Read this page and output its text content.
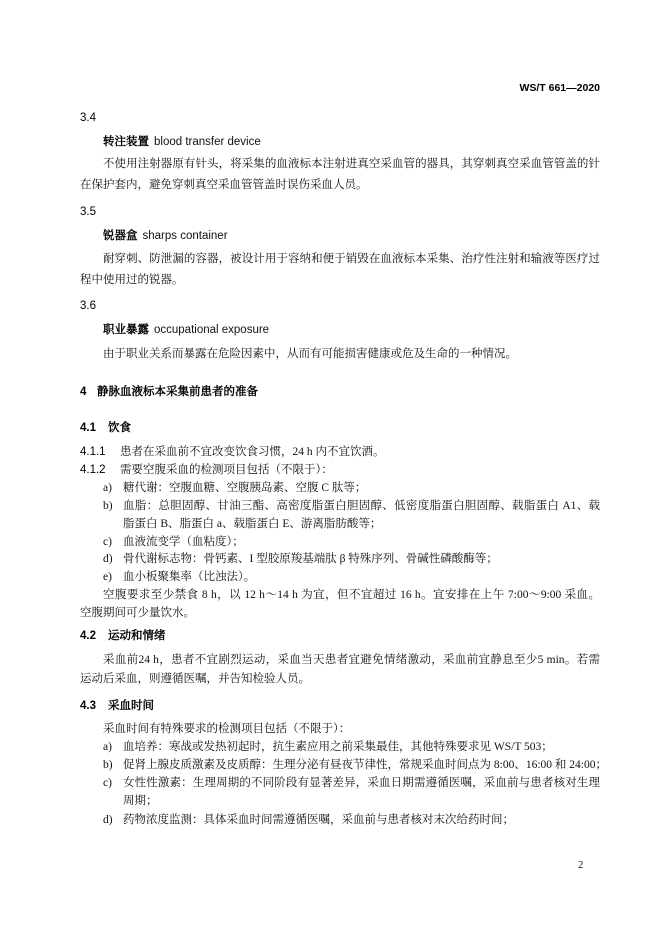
WS/T 661—2020
3.4
转注装置 blood transfer device
不使用注射器原有针头，将采集的血液标本注射进真空采血管的器具，其穿刺真空采血管管盖的针
在保护套内，避免穿刺真空采血管管盖时误伤采血人员。
3.5
锐器盒 sharps container
耐穿刺、防泄漏的容器，被设计用于容纳和便于销毁在血液标本采集、治疗性注射和输液等医疗过
程中使用过的锐器。
3.6
职业暴露 occupational exposure
由于职业关系而暴露在危险因素中，从而有可能损害健康或危及生命的一种情况。
4 静脉血液标本采集前患者的准备
4.1 饮食
4.1.1 患者在采血前不宜改变饮食习惯，24 h 内不宜饮酒。
4.1.2 需要空腹采血的检测项目包括（不限于）：
a) 糖代谢：空腹血糖、空腹胰岛素、空腹 C 肽等；
b) 血脂：总胆固醇、甘油三酯、高密度脂蛋白胆固醇、低密度脂蛋白胆固醇、载脂蛋白 A1、载
脂蛋白 B、脂蛋白 a、载脂蛋白 E、游离脂肪酸等；
c) 血液流变学（血粘度）；
d) 骨代谢标志物：骨钙素、I 型胶原羧基端肽 β 特殊序列、骨碱性磷酸酶等；
e) 血小板聚集率（比浊法）。
空腹要求至少禁食 8 h，以 12 h～14 h 为宜，但不宜超过 16 h。宜安排在上午 7:00～9:00 采血。
空腹期间可少量饮水。
4.2 运动和情绪
采血前24 h，患者不宜剧烈运动，采血当天患者宜避免情绪激动，采血前宜静息至少5 min。若需
运动后采血，则遵循医嘱，并告知检验人员。
4.3 采血时间
采血时间有特殊要求的检测项目包括（不限于）：
a) 血培养：寒战或发热初起时，抗生素应用之前采集最佳，其他特殊要求见 WS/T 503；
b) 促肾上腺皮质激素及皮质醇：生理分泌有昼夜节律性，常规采血时间点为 8:00、16:00 和 24:00；
c) 女性性激素：生理周期的不同阶段有显著差异，采血日期需遵循医嘱，采血前与患者核对生理
周期；
d) 药物浓度监测：具体采血时间需遵循医嘱，采血前与患者核对末次给药时间；
2
